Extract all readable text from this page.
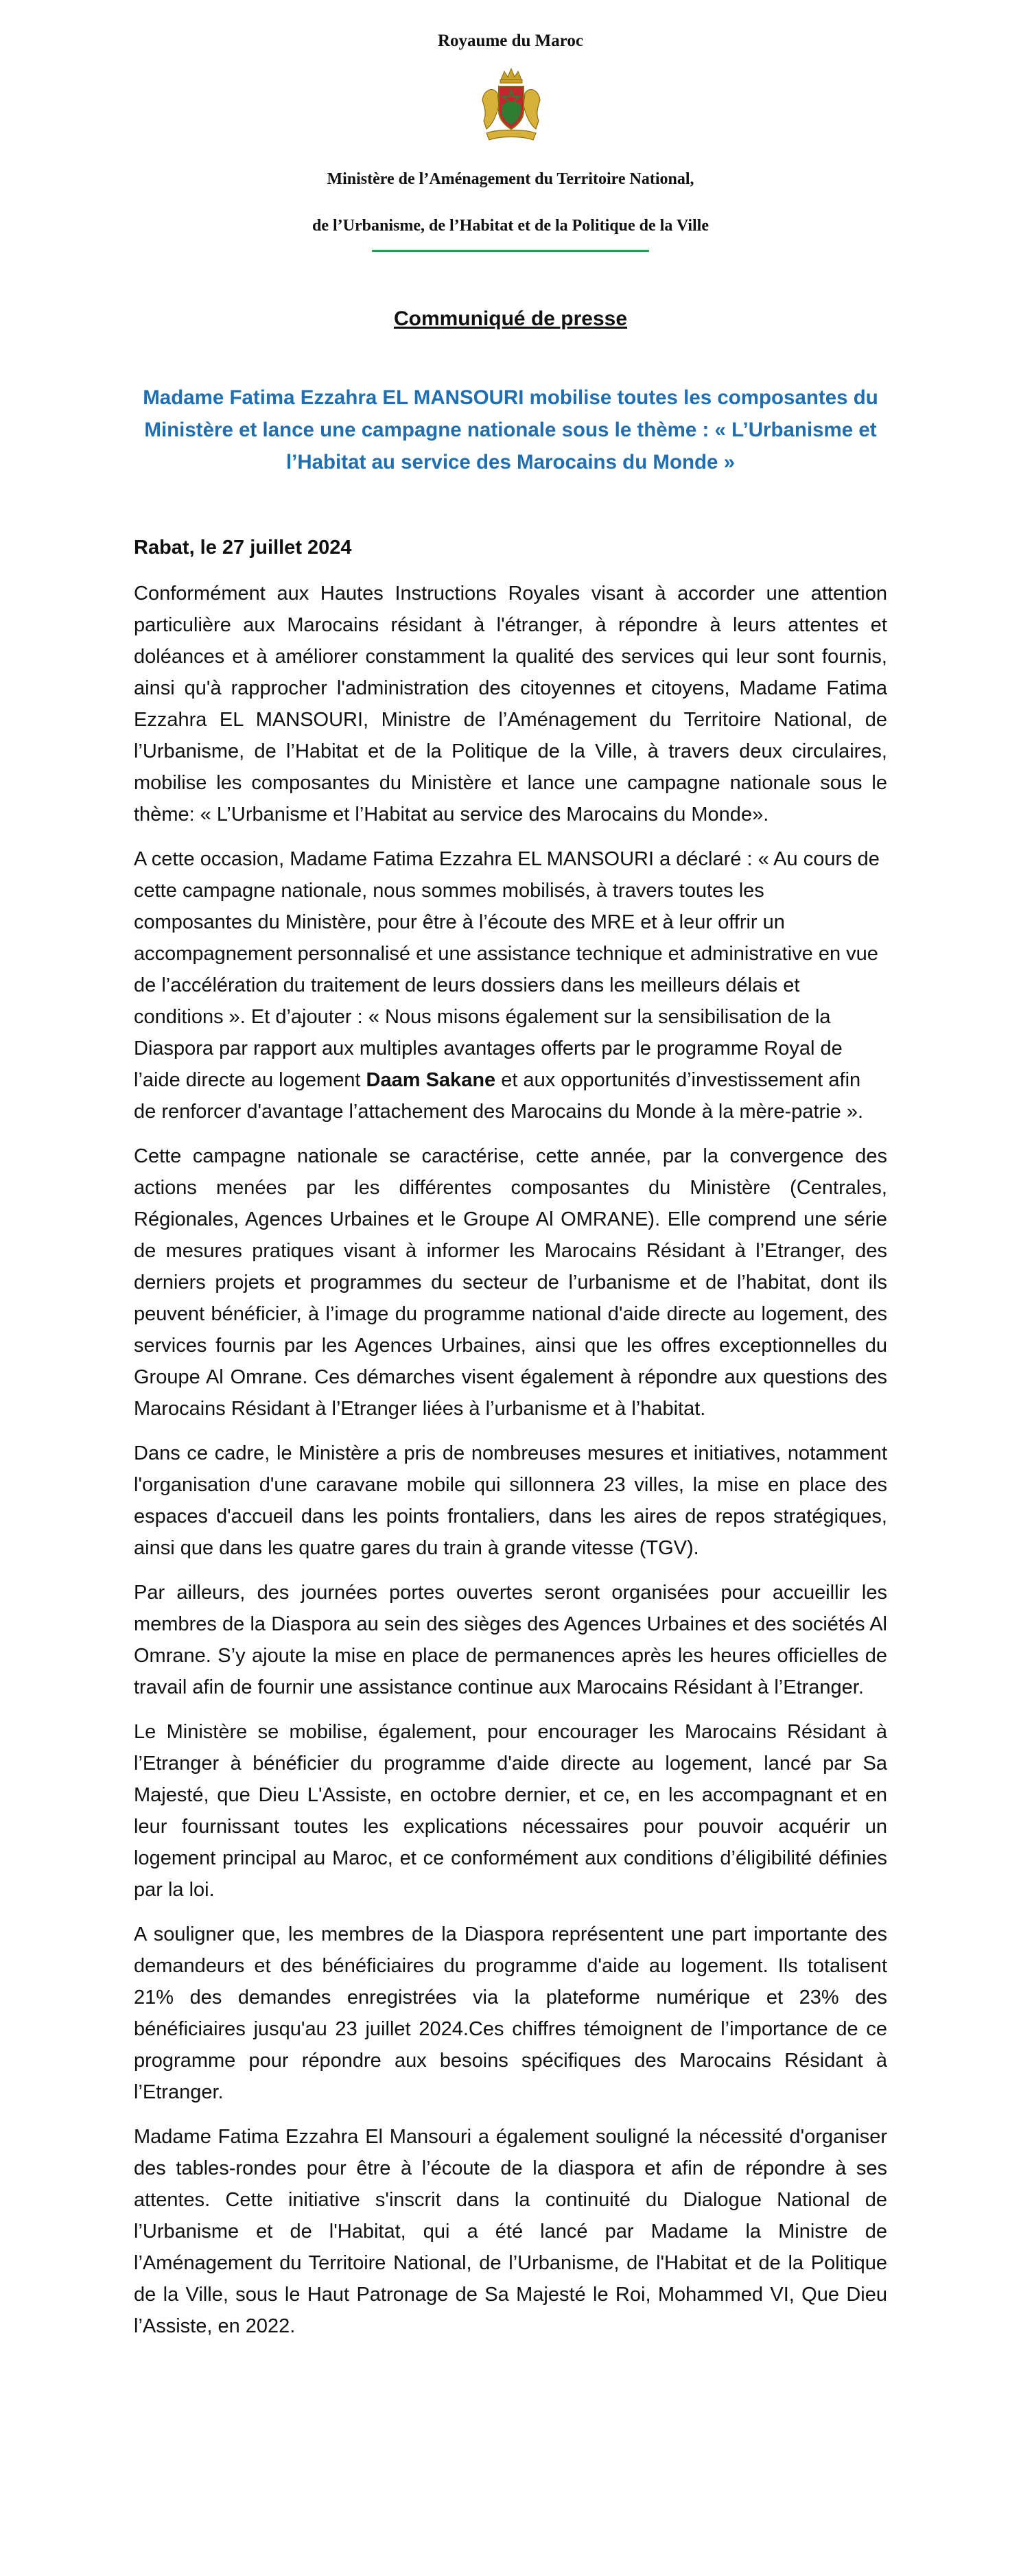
Royaume du Maroc
Ministère de l’Aménagement du Territoire National,
de l’Urbanisme, de l’Habitat et de la Politique de la Ville
Communiqué de presse
Madame Fatima Ezzahra EL MANSOURI mobilise toutes les composantes du Ministère et lance une campagne nationale sous le thème : « L’Urbanisme et l’Habitat au service des Marocains du Monde »
Rabat, le 27 juillet 2024

Conformément aux Hautes Instructions Royales visant à accorder une attention particulière aux Marocains résidant à l'étranger, à répondre à leurs attentes et doléances et à améliorer constamment la qualité des services qui leur sont fournis, ainsi qu'à rapprocher l'administration des citoyennes et citoyens, Madame Fatima Ezzahra EL MANSOURI, Ministre de l’Aménagement du Territoire National, de l’Urbanisme, de l’Habitat et de la Politique de la Ville, à travers deux circulaires, mobilise les composantes du Ministère et lance une campagne nationale sous le thème: « L’Urbanisme et l’Habitat au service des Marocains du Monde».

A cette occasion, Madame Fatima Ezzahra EL MANSOURI a déclaré : « Au cours de cette campagne nationale, nous sommes mobilisés, à travers toutes les composantes du Ministère, pour être à l’écoute des MRE et à leur offrir un accompagnement personnalisé et une assistance technique et administrative en vue de l’accélération du traitement de leurs dossiers dans les meilleurs délais et conditions ». Et d’ajouter : « Nous misons également sur la sensibilisation de la Diaspora par rapport aux multiples avantages offerts par le programme Royal de l’aide directe au logement Daam Sakane et aux opportunités d’investissement afin de renforcer d'avantage l’attachement des Marocains du Monde à la mère-patrie ».

Cette campagne nationale se caractérise, cette année, par la convergence des actions menées par les différentes composantes du Ministère (Centrales, Régionales, Agences Urbaines et le Groupe Al OMRANE). Elle comprend une série de mesures pratiques visant à informer les Marocains Résidant à l’Etranger, des derniers projets et programmes du secteur de l’urbanisme et de l’habitat, dont ils peuvent bénéficier, à l’image du programme national d'aide directe au logement, des services fournis par les Agences Urbaines, ainsi que les offres exceptionnelles du Groupe Al Omrane. Ces démarches visent également à répondre aux questions des Marocains Résidant à l’Etranger liées à l’urbanisme et à l’habitat.

Dans ce cadre, le Ministère a pris de nombreuses mesures et initiatives, notamment l'organisation d'une caravane mobile qui sillonnera 23 villes, la mise en place des espaces d'accueil dans les points frontaliers, dans les aires de repos stratégiques, ainsi que dans les quatre gares du train à grande vitesse (TGV).

Par ailleurs, des journées portes ouvertes seront organisées pour accueillir les membres de la Diaspora au sein des sièges des Agences Urbaines et des sociétés Al Omrane. S’y ajoute la mise en place de permanences après les heures officielles de travail afin de fournir une assistance continue aux Marocains Résidant à l’Etranger.

Le Ministère se mobilise, également, pour encourager les Marocains Résidant à l’Etranger à bénéficier du programme d'aide directe au logement, lancé par Sa Majesté, que Dieu L'Assiste, en octobre dernier, et ce, en les accompagnant et en leur fournissant toutes les explications nécessaires pour pouvoir acquérir un logement principal au Maroc, et ce conformément aux conditions d’éligibilité définies par la loi.

A souligner que, les membres de la Diaspora représentent une part importante des demandeurs et des bénéficiaires du programme d'aide au logement. Ils totalisent 21% des demandes enregistrées via la plateforme numérique et 23% des bénéficiaires jusqu'au 23 juillet 2024.Ces chiffres témoignent de l’importance de ce programme pour répondre aux besoins spécifiques des Marocains Résidant à l’Etranger.

Madame Fatima Ezzahra El Mansouri a également souligné la nécessité d'organiser des tables-rondes pour être à l’écoute de la diaspora et afin de répondre à ses attentes. Cette initiative s'inscrit dans la continuité du Dialogue National de l’Urbanisme et de l'Habitat, qui a été lancé par Madame la Ministre de l’Aménagement du Territoire National, de l’Urbanisme, de l'Habitat et de la Politique de la Ville, sous le Haut Patronage de Sa Majesté le Roi, Mohammed VI, Que Dieu l’Assiste, en 2022.
